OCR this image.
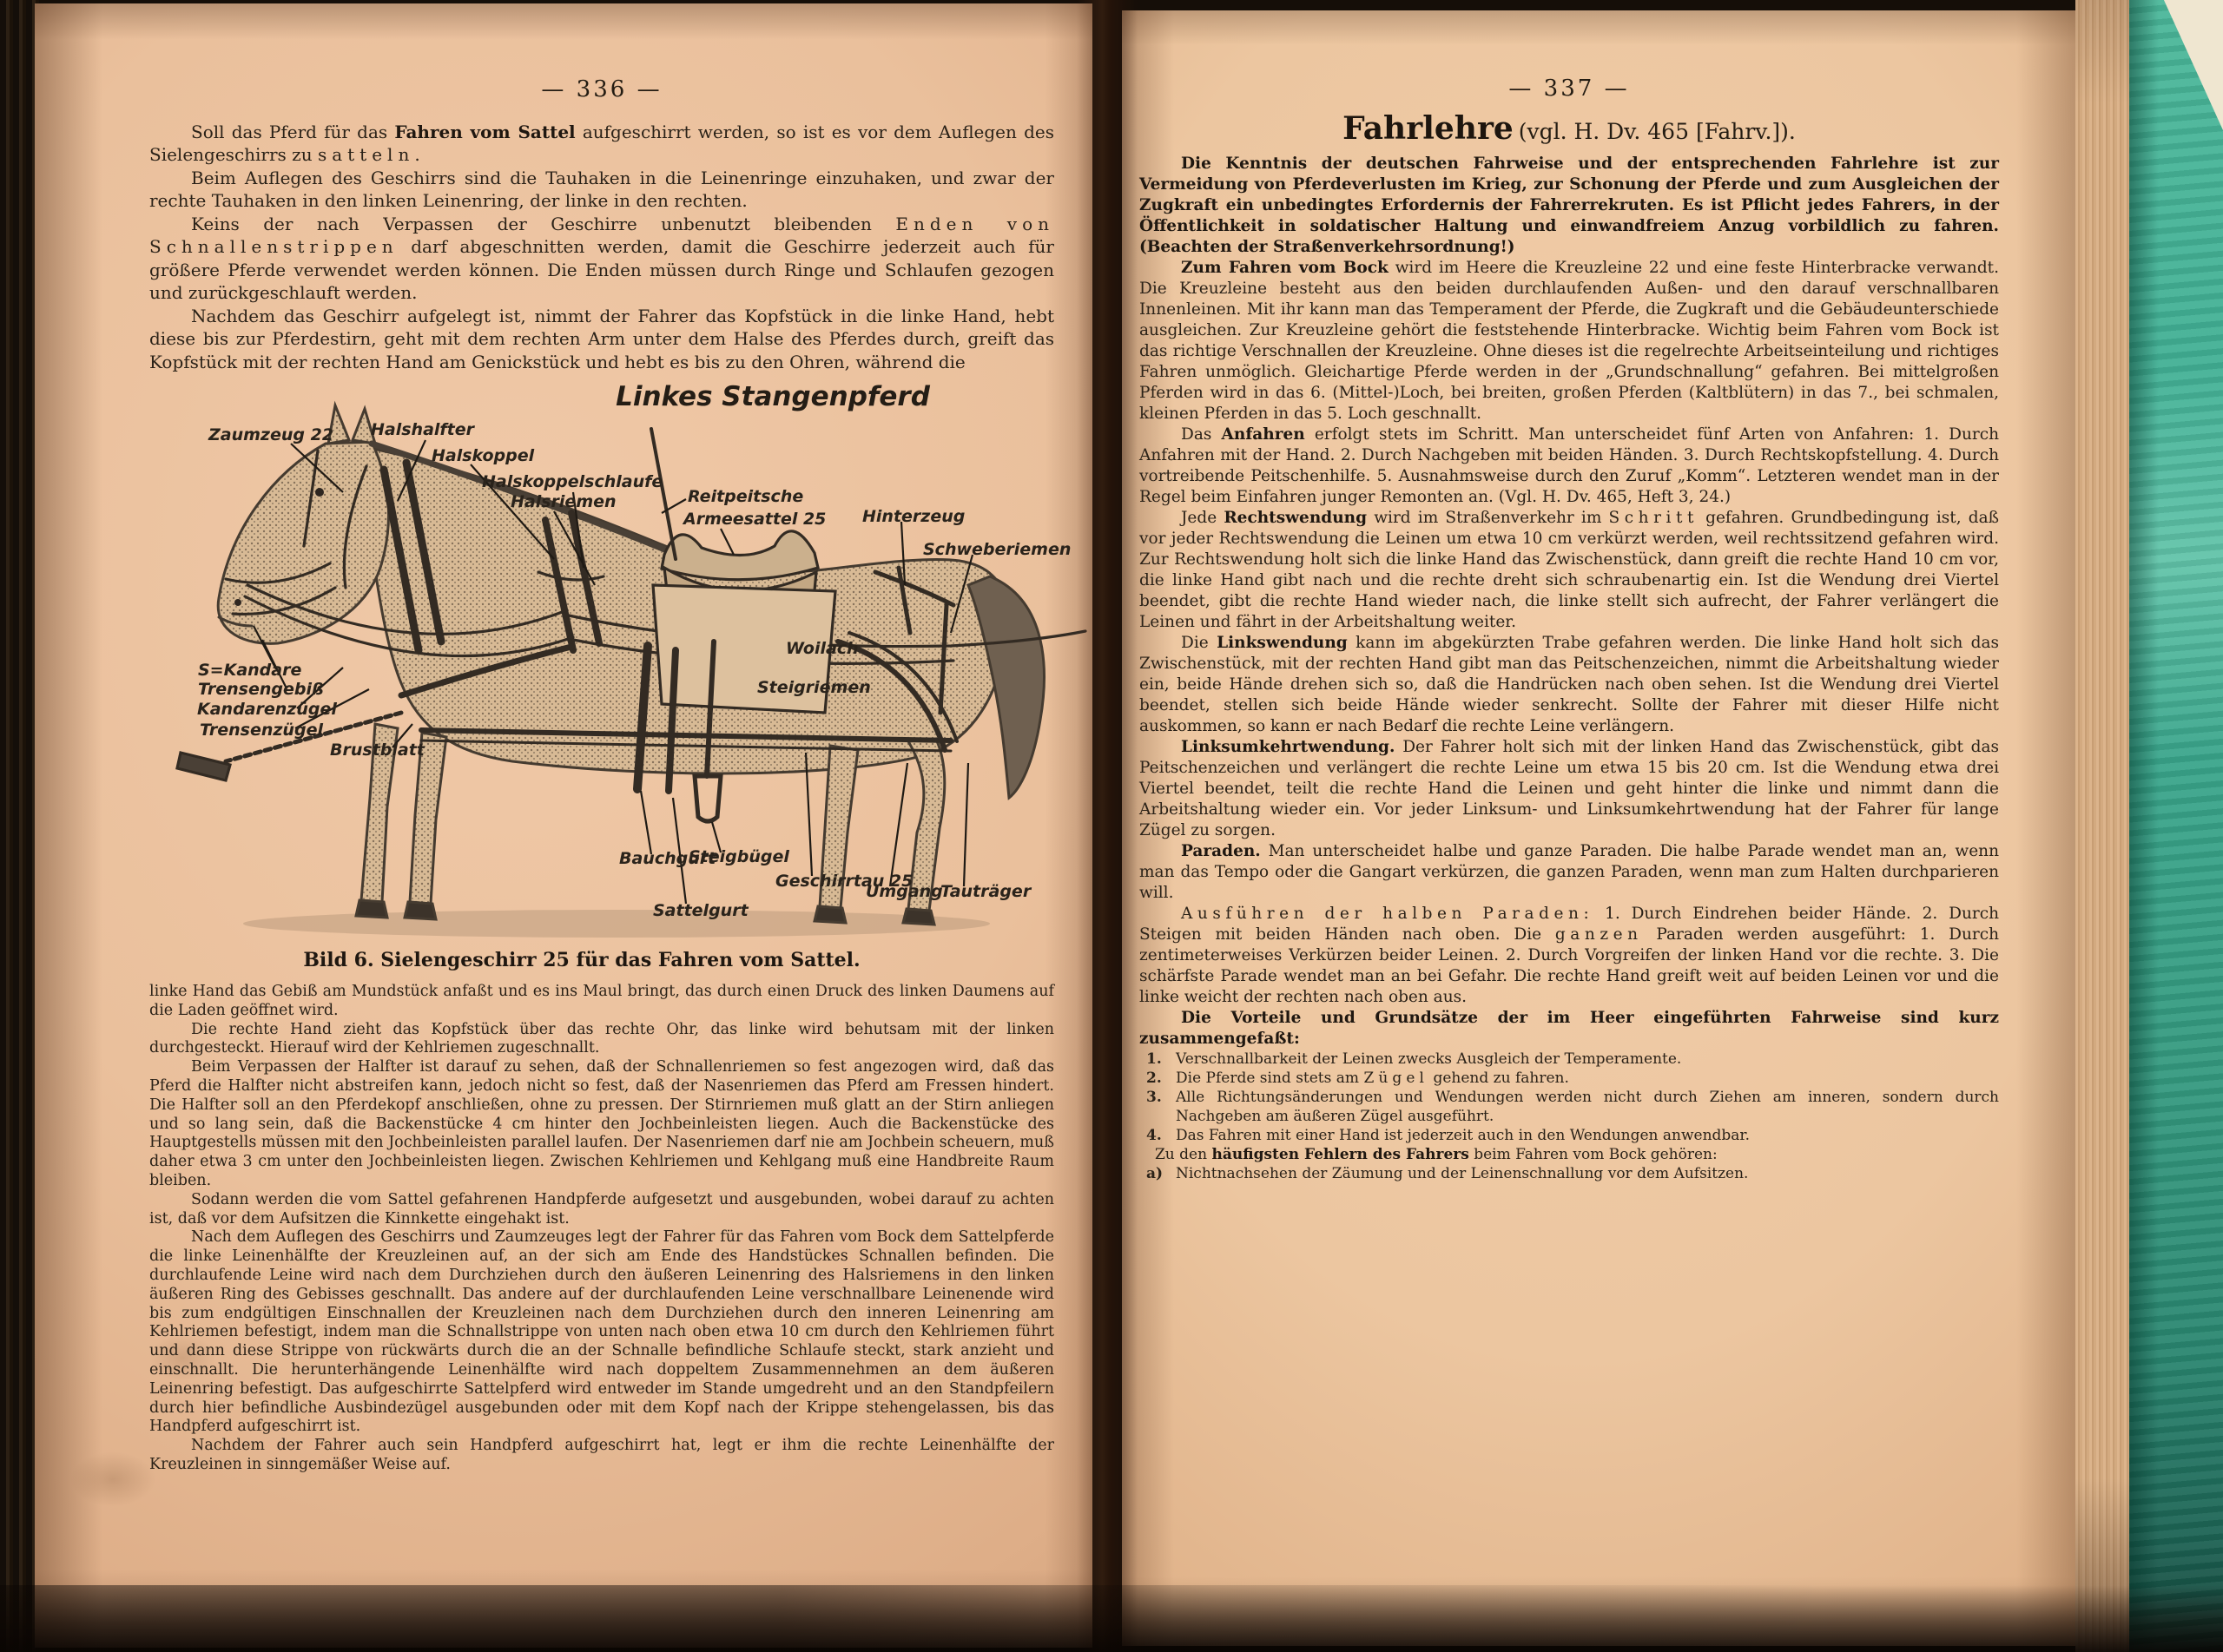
— 336 —

Soll das Pferd für das Fahren vom Sattel aufgeschirrt werden, so ist es vor dem Auflegen des Sielengeschirrs zu satteln.

Beim Auflegen des Geschirrs sind die Tauhaken in die Leinenringe einzuhaken, und zwar der rechte Tauhaken in den linken Leinenring, der linke in den rechten.

Keins der nach Verpassen der Geschirre unbenutzt bleibenden Enden von Schnallenstrippen darf abgeschnitten werden, damit die Geschirre jederzeit auch für größere Pferde verwendet werden können. Die Enden müssen durch Ringe und Schlaufen gezogen und zurückgeschlauft werden.

Nachdem das Geschirr aufgelegt ist, nimmt der Fahrer das Kopfstück in die linke Hand, hebt diese bis zur Pferdestirn, geht mit dem rechten Arm unter dem Halse des Pferdes durch, greift das Kopfstück mit der rechten Hand am Genickstück und hebt es bis zu den Ohren, während die

Linkes Stangenpferd
Zaumzeug 22 Halshalfter
Halskoppel
Halskoppelschlaufe
Halsriemen	Reitpeitsche
Armeesattel 25 Hinterzeug
Schweberiemen
S=Kandare
Trensengebiß
Kandarenzügel
Trensenzügel
Brustblatt
Woilach
Steigriemen
Bauchgurt
Steigbügel
Sattelgurt
Geschirrtau 25
Umgang
Tauträger
Bild 6. Sielengeschirr 25 für das Fahren vom Sattel.

linke Hand das Gebiß am Mundstück anfaßt und es ins Maul bringt, das durch einen Druck des linken Daumens auf die Laden geöffnet wird.

Die rechte Hand zieht das Kopfstück über das rechte Ohr, das linke wird behutsam mit der linken durchgesteckt. Hierauf wird der Kehlriemen zugeschnallt.

Beim Verpassen der Halfter ist darauf zu sehen, daß der Schnallenriemen so fest angezogen wird, daß das Pferd die Halfter nicht abstreifen kann, jedoch nicht so fest, daß der Nasenriemen das Pferd am Fressen hindert. Die Halfter soll an den Pferdekopf anschließen, ohne zu pressen. Der Stirnriemen muß glatt an der Stirn anliegen und so lang sein, daß die Backenstücke 4 cm hinter den Jochbeinleisten liegen. Auch die Backenstücke des Hauptgestells müssen mit den Jochbeinleisten parallel laufen. Der Nasenriemen darf nie am Jochbein scheuern, muß daher etwa 3 cm unter den Jochbeinleisten liegen. Zwischen Kehlriemen und Kehlgang muß eine Handbreite Raum bleiben.

Sodann werden die vom Sattel gefahrenen Handpferde aufgesetzt und ausgebunden, wobei darauf zu achten ist, daß vor dem Aufsitzen die Kinnkette eingehakt ist.

Nach dem Auflegen des Geschirrs und Zaumzeuges legt der Fahrer für das Fahren vom Bock dem Sattelpferde die linke Leinenhälfte der Kreuzleinen auf, an der sich am Ende des Handstückes Schnallen befinden. Die durchlaufende Leine wird nach dem Durchziehen durch den äußeren Leinenring des Halsriemens in den linken äußeren Ring des Gebisses geschnallt. Das andere auf der durchlaufenden Leine verschnallbare Leinenende wird bis zum endgültigen Einschnallen der Kreuzleinen nach dem Durchziehen durch den inneren Leinenring am Kehlriemen befestigt, indem man die Schnallstrippe von unten nach oben etwa 10 cm durch den Kehlriemen führt und dann diese Strippe von rückwärts durch die an der Schnalle befindliche Schlaufe steckt, stark anzieht und einschnallt. Die herunterhängende Leinenhälfte wird nach doppeltem Zusammennehmen an dem äußeren Leinenring befestigt. Das aufgeschirrte Sattelpferd wird entweder im Stande umgedreht und an den Standpfeilern durch hier befindliche Ausbindezügel ausgebunden oder mit dem Kopf nach der Krippe stehengelassen, bis das Handpferd aufgeschirrt ist.

Nachdem der Fahrer auch sein Handpferd aufgeschirrt hat, legt er ihm die rechte Leinenhälfte der Kreuzleinen in sinngemäßer Weise auf.

— 337 —
Fahrlehre (vgl. H. Dv. 465 [Fahrv.]).

Die Kenntnis der deutschen Fahrweise und der entsprechenden Fahrlehre ist zur Vermeidung von Pferdeverlusten im Krieg, zur Schonung der Pferde und zum Ausgleichen der Zugkraft ein unbedingtes Erfordernis der Fahrerrekruten. Es ist Pflicht jedes Fahrers, in der Öffentlichkeit in soldatischer Haltung und einwandfreiem Anzug vorbildlich zu fahren. (Beachten der Straßenverkehrsordnung!)

Zum Fahren vom Bock wird im Heere die Kreuzleine 22 und eine feste Hinterbracke verwandt. Die Kreuzleine besteht aus den beiden durchlaufenden Außen- und den darauf verschnallbaren Innenleinen. Mit ihr kann man das Temperament der Pferde, die Zugkraft und die Gebäudeunterschiede ausgleichen. Zur Kreuzleine gehört die feststehende Hinterbracke. Wichtig beim Fahren vom Bock ist das richtige Verschnallen der Kreuzleine. Ohne dieses ist die regelrechte Arbeitseinteilung und richtiges Fahren unmöglich. Gleichartige Pferde werden in der „Grundschnallung“ gefahren. Bei mittelgroßen Pferden wird in das 6. (Mittel-)Loch, bei breiten, großen Pferden (Kaltblütern) in das 7., bei schmalen, kleinen Pferden in das 5. Loch geschnallt.

Das Anfahren erfolgt stets im Schritt. Man unterscheidet fünf Arten von Anfahren: 1. Durch Anfahren mit der Hand. 2. Durch Nachgeben mit beiden Händen. 3. Durch Rechtskopfstellung. 4. Durch vortreibende Peitschenhilfe. 5. Ausnahmsweise durch den Zuruf „Komm“. Letzteren wendet man in der Regel beim Einfahren junger Remonten an. (Vgl. H. Dv. 465, Heft 3, 24.)

Jede Rechtswendung wird im Straßenverkehr im Schritt gefahren. Grundbedingung ist, daß vor jeder Rechtswendung die Leinen um etwa 10 cm verkürzt werden, weil rechtssitzend gefahren wird. Zur Rechtswendung holt sich die linke Hand das Zwischenstück, dann greift die rechte Hand 10 cm vor, die linke Hand gibt nach und die rechte dreht sich schraubenartig ein. Ist die Wendung drei Viertel beendet, gibt die rechte Hand wieder nach, die linke stellt sich aufrecht, der Fahrer verlängert die Leinen und fährt in der Arbeitshaltung weiter.

Die Linkswendung kann im abgekürzten Trabe gefahren werden. Die linke Hand holt sich das Zwischenstück, mit der rechten Hand gibt man das Peitschenzeichen, nimmt die Arbeitshaltung wieder ein, beide Hände drehen sich so, daß die Handrücken nach oben sehen. Ist die Wendung drei Viertel beendet, stellen sich beide Hände wieder senkrecht. Sollte der Fahrer mit dieser Hilfe nicht auskommen, so kann er nach Bedarf die rechte Leine verlängern.

Linksumkehrtwendung. Der Fahrer holt sich mit der linken Hand das Zwischenstück, gibt das Peitschenzeichen und verlängert die rechte Leine um etwa 15 bis 20 cm. Ist die Wendung etwa drei Viertel beendet, teilt die rechte Hand die Leinen und geht hinter die linke und nimmt dann die Arbeitshaltung wieder ein. Vor jeder Linksum- und Linksumkehrtwendung hat der Fahrer für lange Zügel zu sorgen.

Paraden. Man unterscheidet halbe und ganze Paraden. Die halbe Parade wendet man an, wenn man das Tempo oder die Gangart verkürzen, die ganzen Paraden, wenn man zum Halten durchparieren will.

Ausführen der halben Paraden: 1. Durch Eindrehen beider Hände. 2. Durch Steigen mit beiden Händen nach oben. Die ganzen Paraden werden ausgeführt: 1. Durch zentimeterweises Verkürzen beider Leinen. 2. Durch Vorgreifen der linken Hand vor die rechte. 3. Die schärfste Parade wendet man an bei Gefahr. Die rechte Hand greift weit auf beiden Leinen vor und die linke weicht der rechten nach oben aus.

Die Vorteile und Grundsätze der im Heer eingeführten Fahrweise sind kurz zusammengefaßt:

1. Verschnallbarkeit der Leinen zwecks Ausgleich der Temperamente.
2. Die Pferde sind stets am Zügel gehend zu fahren.
3. Alle Richtungsänderungen und Wendungen werden nicht durch Ziehen am inneren, sondern durch Nachgeben am äußeren Zügel ausgeführt.
4. Das Fahren mit einer Hand ist jederzeit auch in den Wendungen anwendbar.

Zu den häufigsten Fehlern des Fahrers beim Fahren vom Bock gehören:

a) Nichtnachsehen der Zäumung und der Leinenschnallung vor dem Aufsitzen.
